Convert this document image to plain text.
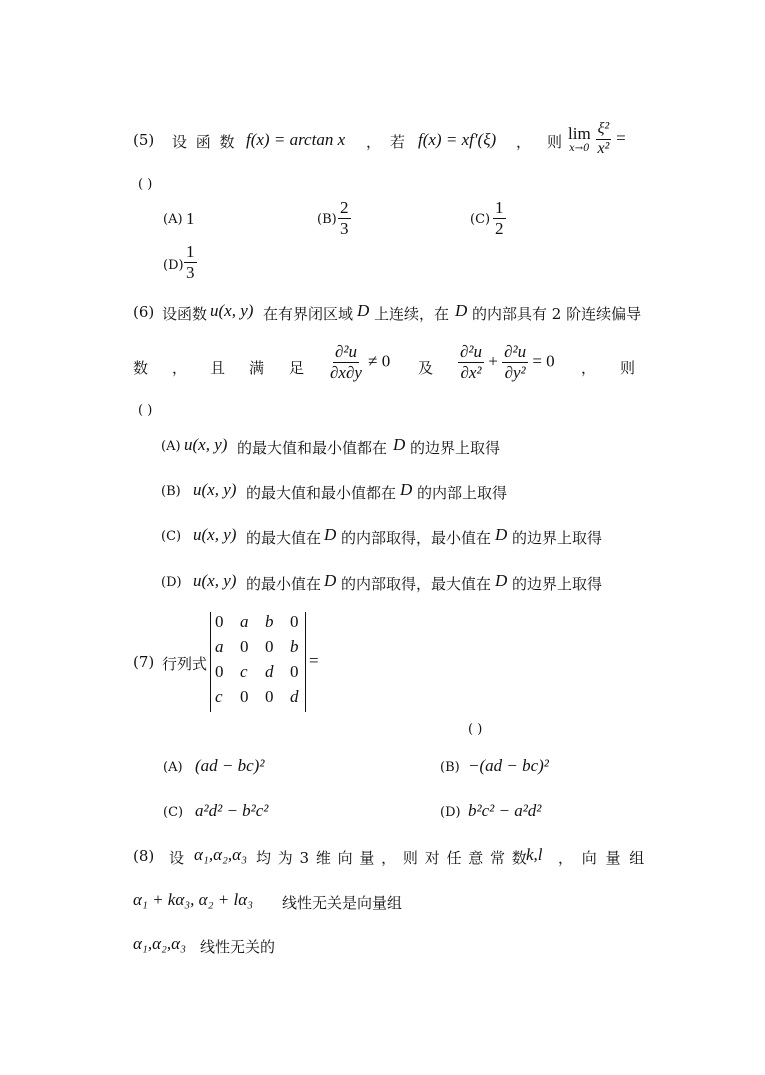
(5) 设 函 数 f(x) = arctan x ， 若 f(x) = xf′(ξ) ， 则 lim
x→0
$\frac{\text{ξ²}}{\text{x²}}$ =
( )
(A) 1	$(B) \frac{2}{3}$	$(C) \frac{1}{2}$
$(D) \frac{1}{3}$
(6) 设函数 u(x, y) 在有界闭区域 D 上连续，在 D 的内部具有 2 阶连续偏导
数 ， 且 满 足 $\frac{\text{∂²u}}{\partial x\partial y} \ne 0$ 及 $\frac{\text{∂²u}}{\text{∂x²}} + \frac{\text{∂²u}}{\text{∂y²}} = 0$ ， 则
( )
(A) u(x, y) 的最大值和最小值都在 D 的边界上取得
(B) u(x, y) 的最大值和最小值都在 D 的内部上取得
(C) u(x, y) 的最大值在 D 的内部取得，最小值在 D 的边界上取得
(D) u(x, y) 的最小值在 D 的内部取得，最大值在 D 的边界上取得
(7) 行列式
0 a b 0
a 0 0 b
0 c d 0
c 0 0 d
=
( )
(A) (ad − bc)²	(B) −(ad − bc)²
(C) a²d² − b²c²	(D) b²c² − a²d²
(8) 设 α₁,α₂,α₃ 均 为 3 维 向 量 ， 则 对 任 意 常 数
k,l ， 向 量 组
α₁ + kα₃, α₂ + lα₃ 线性无关是向量组
α₁,α₂,α₃ 线性无关的
